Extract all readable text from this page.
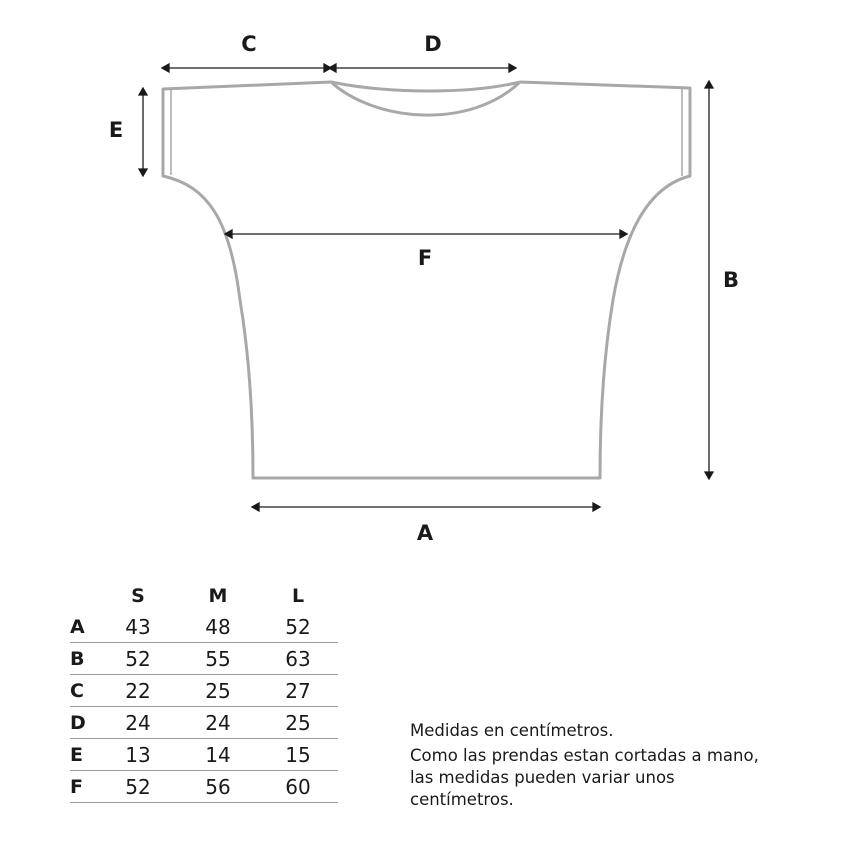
C	D
E
F
B
A
	S	M	L
A	43	48	52
B	52	55	63
C	22	25	27
D	24	24	25
E	13	14	15
F	52	56	60

Medidas en centímetros.

Como las prendas estan cortadas a mano, las medidas pueden variar unos centímetros.
